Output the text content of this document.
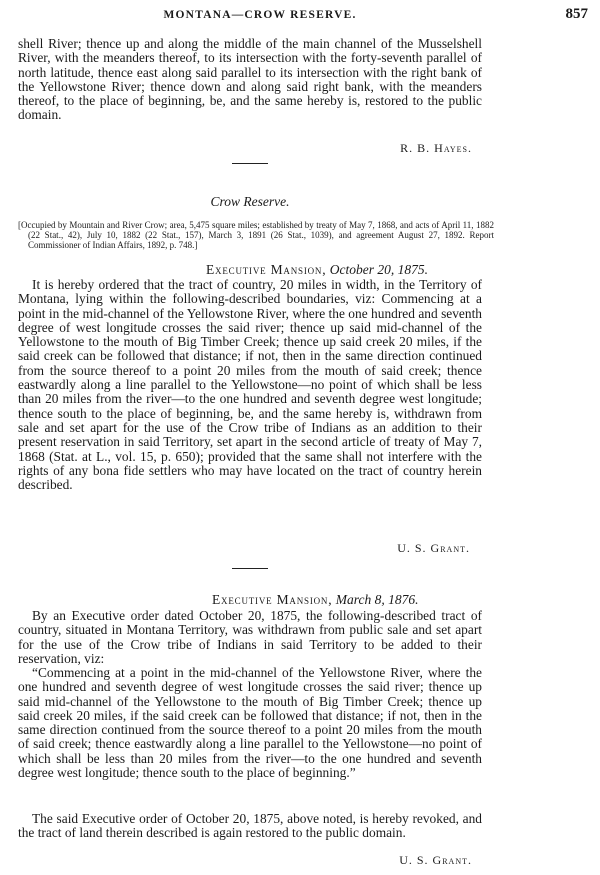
MONTANA—CROW RESERVE.	857

shell River; thence up and along the middle of the main channel of the Musselshell River, with the meanders thereof, to its intersection with the forty-seventh parallel of north latitude, thence east along said parallel to its intersection with the right bank of the Yellowstone River; thence down and along said right bank, with the meanders thereof, to the place of beginning, be, and the same hereby is, restored to the public domain.

R. B. Hayes.
Crow Reserve.

[Occupied by Mountain and River Crow; area, 5,475 square miles; established by treaty of May 7, 1868, and acts of April 11, 1882 (22 Stat., 42), July 10, 1882 (22 Stat., 157), March 3, 1891 (26 Stat., 1039), and agreement August 27, 1892. Report Commissioner of Indian Affairs, 1892, p. 748.]

Executive Mansion, October 20, 1875.

It is hereby ordered that the tract of country, 20 miles in width, in the Territory of Montana, lying within the following-described boundaries, viz: Commencing at a point in the mid-channel of the Yellowstone River, where the one hundred and seventh degree of west longitude crosses the said river; thence up said mid-channel of the Yellowstone to the mouth of Big Timber Creek; thence up said creek 20 miles, if the said creek can be followed that distance; if not, then in the same direction continued from the source thereof to a point 20 miles from the mouth of said creek; thence eastwardly along a line parallel to the Yellowstone—no point of which shall be less than 20 miles from the river—to the one hundred and seventh degree west longitude; thence south to the place of beginning, be, and the same hereby is, withdrawn from sale and set apart for the use of the Crow tribe of Indians as an addition to their present reservation in said Territory, set apart in the second article of treaty of May 7, 1868 (Stat. at L., vol. 15, p. 650); provided that the same shall not interfere with the rights of any bona fide settlers who may have located on the tract of country herein described.

U. S. Grant.
Executive Mansion, March 8, 1876.

By an Executive order dated October 20, 1875, the following-described tract of country, situated in Montana Territory, was withdrawn from public sale and set apart for the use of the Crow tribe of Indians in said Territory to be added to their reservation, viz:

“Commencing at a point in the mid-channel of the Yellowstone River, where the one hundred and seventh degree of west longitude crosses the said river; thence up said mid-channel of the Yellowstone to the mouth of Big Timber Creek; thence up said creek 20 miles, if the said creek can be followed that distance; if not, then in the same direction continued from the source thereof to a point 20 miles from the mouth of said creek; thence eastwardly along a line parallel to the Yellowstone—no point of which shall be less than 20 miles from the river—to the one hundred and seventh degree west longitude; thence south to the place of beginning.”

The said Executive order of October 20, 1875, above noted, is hereby revoked, and the tract of land therein described is again restored to the public domain.

U. S. Grant.
